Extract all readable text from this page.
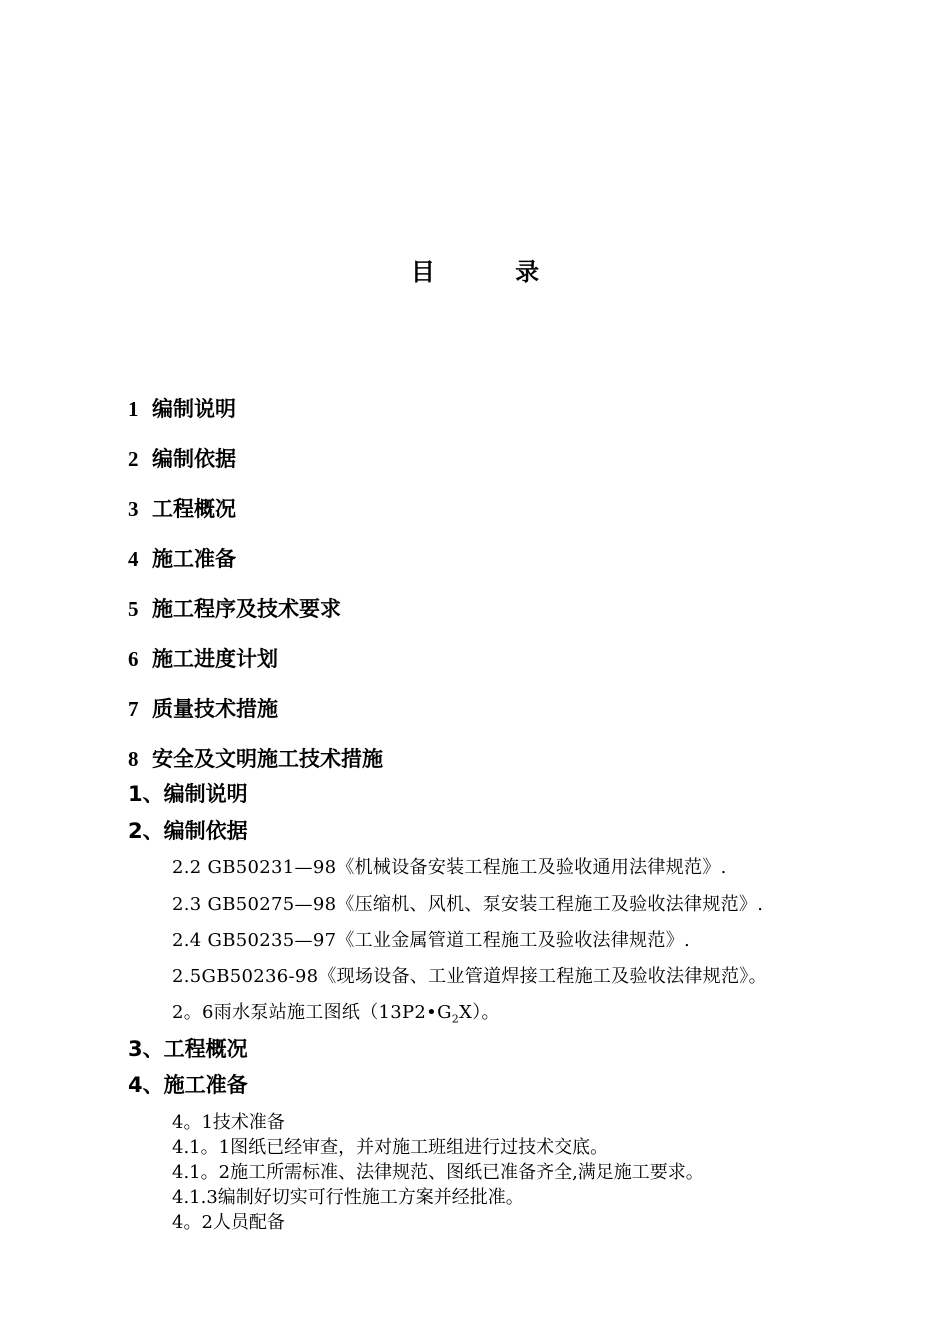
目 录
1 编制说明
2 编制依据
3 工程概况
4 施工准备
5 施工程序及技术要求
6 施工进度计划
7 质量技术措施
8 安全及文明施工技术措施
1、编制说明
2、编制依据
2.2 GB50231—98《机械设备安装工程施工及验收通用法律规范》.
2.3 GB50275—98《压缩机、风机、泵安装工程施工及验收法律规范》.
2.4 GB50235—97《工业金属管道工程施工及验收法律规范》.
2.5GB50236-98《现场设备、工业管道焊接工程施工及验收法律规范》。
2。6雨水泵站施工图纸$(13P2•G_2X)$。
3、工程概况
4、施工准备
4。1技术准备
4.1。1图纸已经审查，并对施工班组进行过技术交底。
4.1。2施工所需标准、法律规范、图纸已准备齐全,满足施工要求。
4.1.3编制好切实可行性施工方案并经批准。
4。2人员配备
